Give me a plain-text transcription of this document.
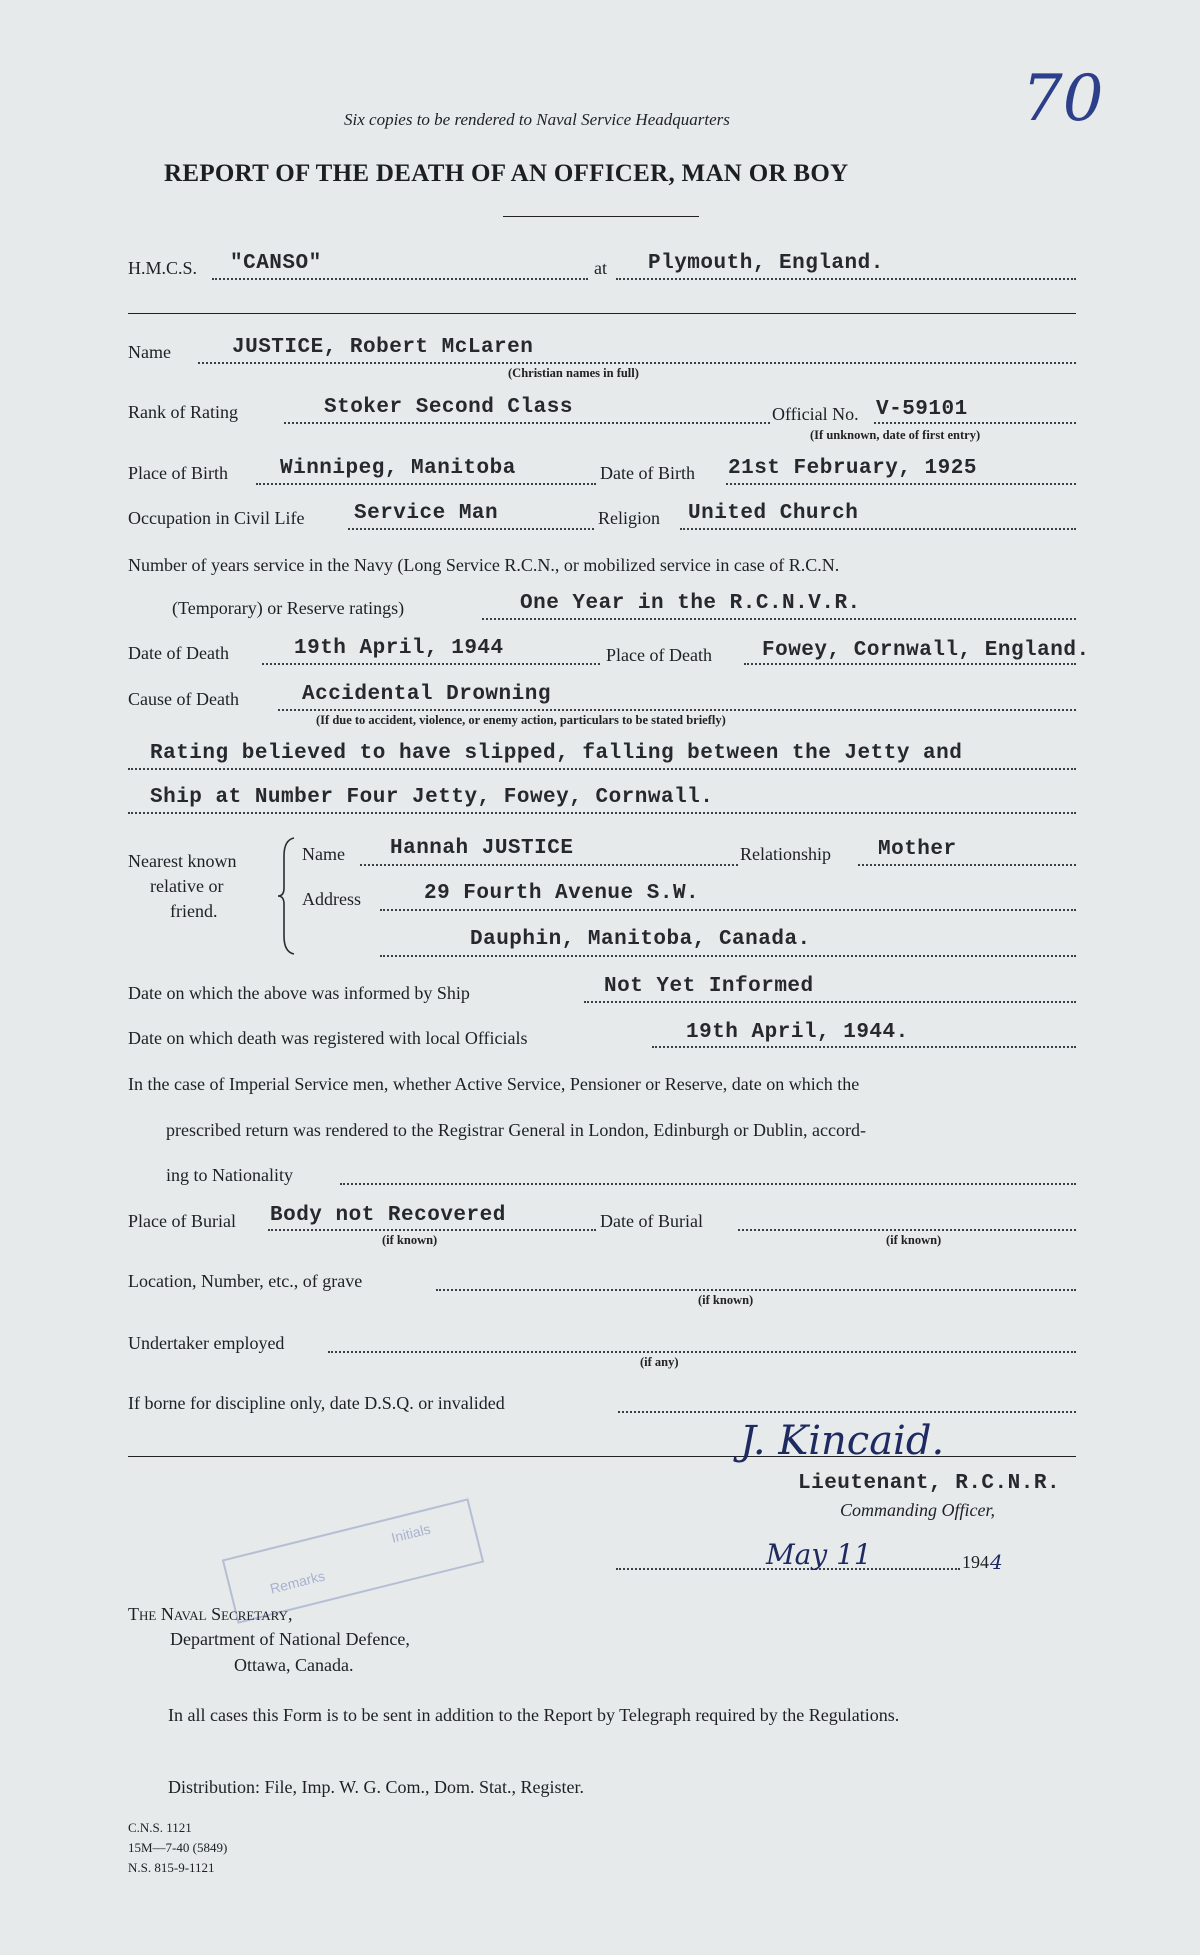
Six copies to be rendered to Naval Service Headquarters	70
REPORT OF THE DEATH OF AN OFFICER, MAN OR BOY
H.M.C.S. "CANSO"	at Plymouth, England.
Name	JUSTICE, Robert McLaren
(Christian names in full)
Rank of Rating	Stoker Second Class	Official No. V-59101
(If unknown, date of first entry)
Place of Birth Winnipeg, Manitoba	Date of Birth 21st February, 1925
Occupation in Civil Life Service Man	Religion United Church
Number of years service in the Navy (Long Service R.C.N., or mobilized service in case of R.C.N.
(Temporary) or Reserve ratings)	One Year in the R.C.N.V.R.
Date of Death	19th April, 1944	Place of Death Fowey, Cornwall, England.
Cause of Death	Accidental Drowning
(If due to accident, violence, or enemy action, particulars to be stated briefly)
Rating believed to have slipped, falling between the Jetty and
Ship at Number Four Jetty, Fowey, Cornwall.
Nearest known
relative or
friend.
Name Hannah JUSTICE	Relationship Mother
Address	29 Fourth Avenue S.W.
Dauphin, Manitoba, Canada.
Date on which the above was informed by Ship	Not Yet Informed
Date on which death was registered with local Officials	19th April, 1944.
In the case of Imperial Service men, whether Active Service, Pensioner or Reserve, date on which the
prescribed return was rendered to the Registrar General in London, Edinburgh or Dublin, accord-
ing to Nationality
Place of Burial Body not Recovered
(if known)
Date of Burial
(if known)
Location, Number, etc., of grave
(if known)
Undertaker employed
(if any)
If borne for discipline only, date D.S.Q. or invalided
J. Kincaid.
Lieutenant, R.C.N.R.
Commanding Officer,
May 11	194 4
Remarks
Initials
The Naval Secretary,
Department of National Defence,
Ottawa, Canada.
In all cases this Form is to be sent in addition to the Report by Telegraph required by the Regulations.
Distribution: File, Imp. W. G. Com., Dom. Stat., Register.
C.N.S. 1121
15M—7-40 (5849)
N.S. 815-9-1121
